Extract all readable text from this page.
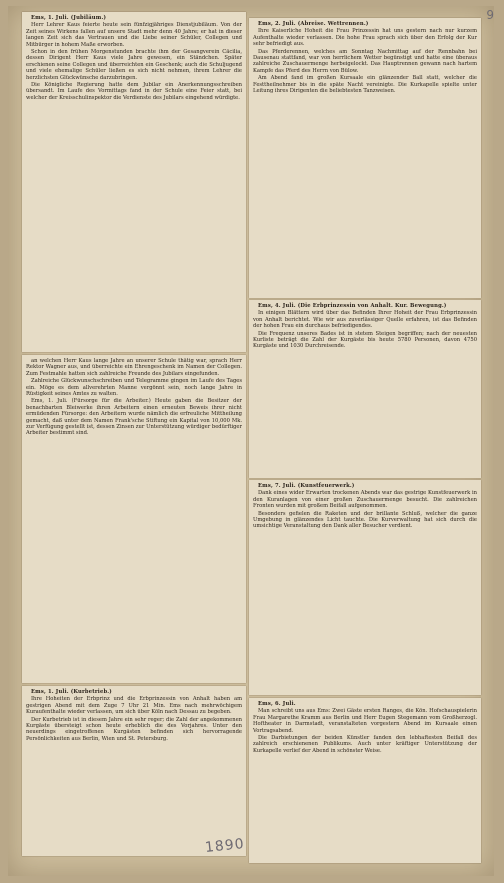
Ems, 1. Juli. (Jubiläum.)

Herr Lehrer Kaus feierte heute sein fünfzigjähriges Dienstjubiläum. Von der Zeit seines Wirkens fallen auf unsere Stadt mehr denn 40 Jahre; er hat in dieser langen Zeit sich das Vertrauen und die Liebe seiner Schüler, Collegen und Mitbürger in hohem Maße erworben.

Schon in den frühen Morgenstunden brachte ihm der Gesangverein Cäcilia, dessen Dirigent Herr Kaus viele Jahre gewesen, ein Ständchen. Später erschienen seine Collegen und überreichten ein Geschenk; auch die Schuljugend und viele ehemalige Schüler ließen es sich nicht nehmen, ihrem Lehrer die herzlichsten Glückwünsche darzubringen.

Die Königliche Regierung hatte dem Jubilar ein Anerkennungsschreiben übersandt. Im Laufe des Vormittags fand in der Schule eine Feier statt, bei welcher der Kreisschulinspektor die Verdienste des Jubilars eingehend würdigte.

an welchen Herr Kaus lange Jahre an unserer Schule thätig war, sprach Herr Rektor Wagner aus, und überreichte ein Ehrengeschenk im Namen der Collegen. Zum Festmahle hatten sich zahlreiche Freunde des Jubilars eingefunden.

Zahlreiche Glückwunschschreiben und Telegramme gingen im Laufe des Tages ein. Möge es dem allverehrten Manne vergönnt sein, noch lange Jahre in Rüstigkeit seines Amtes zu walten.

Ems, 1. Juli. (Fürsorge für die Arbeiter.) Heute gaben die Besitzer der benachbarten Bleiwerke ihren Arbeitern einen erneuten Beweis ihrer nicht ermüdenden Fürsorge: den Arbeitern wurde nämlich die erfreuliche Mittheilung gemacht, daß unter dem Namen Frank'sche Stiftung ein Kapital von 10,000 Mk. zur Verfügung gestellt ist, dessen Zinsen zur Unterstützung würdiger bedürftiger Arbeiter bestimmt sind.

Ems, 1. Juli. (Kurbetrieb.)

Ihre Hoheiten der Erbprinz und die Erbprinzessin von Anhalt haben am gestrigen Abend mit dem Zuge 7 Uhr 21 Min. Ems nach mehrwöchigem Kuraufenthalte wieder verlassen, um sich über Köln nach Dessau zu begeben.

Der Kurbetrieb ist in diesem Jahre ein sehr reger; die Zahl der angekommenen Kurgäste übersteigt schon heute erheblich die des Vorjahres. Unter den neuerdings eingetroffenen Kurgästen befinden sich hervorragende Persönlichkeiten aus Berlin, Wien und St. Petersburg.

Ems, 2. Juli. (Abreise. Wettrennen.)

Ihre Kaiserliche Hoheit die Frau Prinzessin hat uns gestern nach nur kurzem Aufenthalte wieder verlassen. Die hohe Frau sprach sich über den Erfolg der Kur sehr befriedigt aus.

Das Pferderennen, welches am Sonntag Nachmittag auf der Rennbahn bei Dausenau stattfand, war von herrlichem Wetter begünstigt und hatte eine überaus zahlreiche Zuschauermenge herbeigelockt. Das Hauptrennen gewann nach hartem Kampfe das Pferd des Herrn von Bülow.

Am Abend fand im großen Kursaale ein glänzender Ball statt, welcher die Festtheilnehmer bis in die späte Nacht vereinigte. Die Kurkapelle spielte unter Leitung ihres Dirigenten die beliebtesten Tanzweisen.

Ems, 4. Juli. (Die Erbprinzessin von Anhalt. Kur. Bewegung.)

In einigen Blättern wird über das Befinden Ihrer Hoheit der Frau Erbprinzessin von Anhalt berichtet. Wie wir aus zuverlässiger Quelle erfahren, ist das Befinden der hohen Frau ein durchaus befriedigendes.

Die Frequenz unseres Bades ist in stetem Steigen begriffen; nach der neuesten Kurliste beträgt die Zahl der Kurgäste bis heute 5780 Personen, davon 4750 Kurgäste und 1030 Durchreisende.

Ems, 7. Juli. (Kunstfeuerwerk.)

Dank eines wider Erwarten trockenen Abends war das gestrige Kunstfeuerwerk in den Kuranlagen von einer großen Zuschauermenge besucht. Die zahlreichen Fronten wurden mit großem Beifall aufgenommen.

Besonders gefielen die Raketen und der brillante Schluß, welcher die ganze Umgebung in glänzendes Licht tauchte. Die Kurverwaltung hat sich durch die umsichtige Veranstaltung den Dank aller Besucher verdient.

Ems, 6. Juli.

Man schreibt uns aus Ems: Zwei Gäste ersten Ranges, die Kön. Hofschauspielerin Frau Margarethe Kramm aus Berlin und Herr Eugen Stegemann vom Großherzogl. Hoftheater in Darmstadt, veranstalteten vorgestern Abend im Kursaale einen Vortragsabend.

Die Darbietungen der beiden Künstler fanden den lebhaftesten Beifall des zahlreich erschienenen Publikums. Auch unter kräftiger Unterstützung der Kurkapelle verlief der Abend in schönster Weise.

1890
9
